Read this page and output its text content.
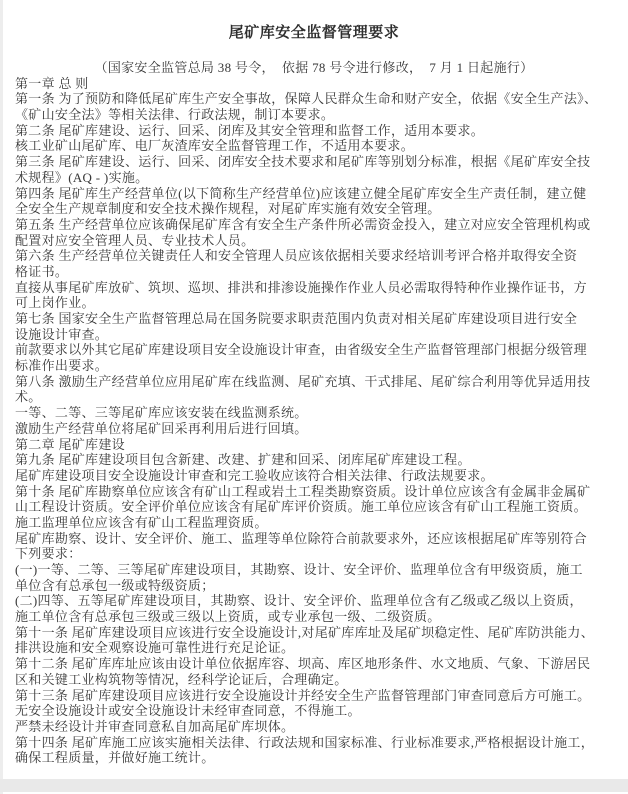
尾矿库安全监督管理要求
（国家安全监管总局 38 号令，  依据 78 号令进行修改，  7 月 1 日起施行）
第一章 总 则
第一条 为了预防和降低尾矿库生产安全事故，保障人民群众生命和财产安全，依据《安全生产法》、
《矿山安全法》等相关法律、行政法规，制订本要求。
第二条 尾矿库建设、运行、回采、闭库及其安全管理和监督工作，适用本要求。
核工业矿山尾矿库、电厂灰渣库安全监督管理工作，不适用本要求。
第三条 尾矿库建设、运行、回采、闭库安全技术要求和尾矿库等别划分标准，根据《尾矿库安全技
术规程》(AQ - )实施。
第四条 尾矿库生产经营单位(以下简称生产经营单位)应该建立健全尾矿库安全生产责任制，建立健
全安全生产规章制度和安全技术操作规程，对尾矿库实施有效安全管理。
第五条 生产经营单位应该确保尾矿库含有安全生产条件所必需资金投入，建立对应安全管理机构或
配置对应安全管理人员、专业技术人员。
第六条 生产经营单位关键责任人和安全管理人员应该依据相关要求经培训考评合格并取得安全资
格证书。
直接从事尾矿库放矿、筑坝、巡坝、排洪和排渗设施操作作业人员必需取得特种作业操作证书，方
可上岗作业。
第七条 国家安全生产监督管理总局在国务院要求职责范围内负责对相关尾矿库建设项目进行安全
设施设计审查。
前款要求以外其它尾矿库建设项目安全设施设计审查，由省级安全生产监督管理部门根据分级管理
标准作出要求。
第八条 激励生产经营单位应用尾矿库在线监测、尾矿充填、干式排尾、尾矿综合利用等优异适用技
术。
一等、二等、三等尾矿库应该安装在线监测系统。
激励生产经营单位将尾矿回采再利用后进行回填。
第二章 尾矿库建设
第九条 尾矿库建设项目包含新建、改建、扩建和回采、闭库尾矿库建设工程。
尾矿库建设项目安全设施设计审查和完工验收应该符合相关法律、行政法规要求。
第十条 尾矿库勘察单位应该含有矿山工程或岩土工程类勘察资质。设计单位应该含有金属非金属矿
山工程设计资质。安全评价单位应该含有尾矿库评价资质。施工单位应该含有矿山工程施工资质。
施工监理单位应该含有矿山工程监理资质。
尾矿库勘察、设计、安全评价、施工、监理等单位除符合前款要求外，还应该根据尾矿库等别符合
下列要求：
(一)一等、二等、三等尾矿库建设项目，其勘察、设计、安全评价、监理单位含有甲级资质，施工
单位含有总承包一级或特级资质；
(二)四等、五等尾矿库建设项目，其勘察、设计、安全评价、监理单位含有乙级或乙级以上资质，
施工单位含有总承包三级或三级以上资质，或专业承包一级、二级资质。
第十一条 尾矿库建设项目应该进行安全设施设计,对尾矿库库址及尾矿坝稳定性、尾矿库防洪能力、
排洪设施和安全观察设施可靠性进行充足论证。
第十二条 尾矿库库址应该由设计单位依据库容、坝高、库区地形条件、水文地质、气象、下游居民
区和关键工业构筑物等情况，经科学论证后，合理确定。
第十三条 尾矿库建设项目应该进行安全设施设计并经安全生产监督管理部门审查同意后方可施工。
无安全设施设计或安全设施设计未经审查同意，不得施工。
严禁未经设计并审查同意私自加高尾矿库坝体。
第十四条 尾矿库施工应该实施相关法律、行政法规和国家标准、行业标准要求,严格根据设计施工，
确保工程质量，并做好施工统计。
